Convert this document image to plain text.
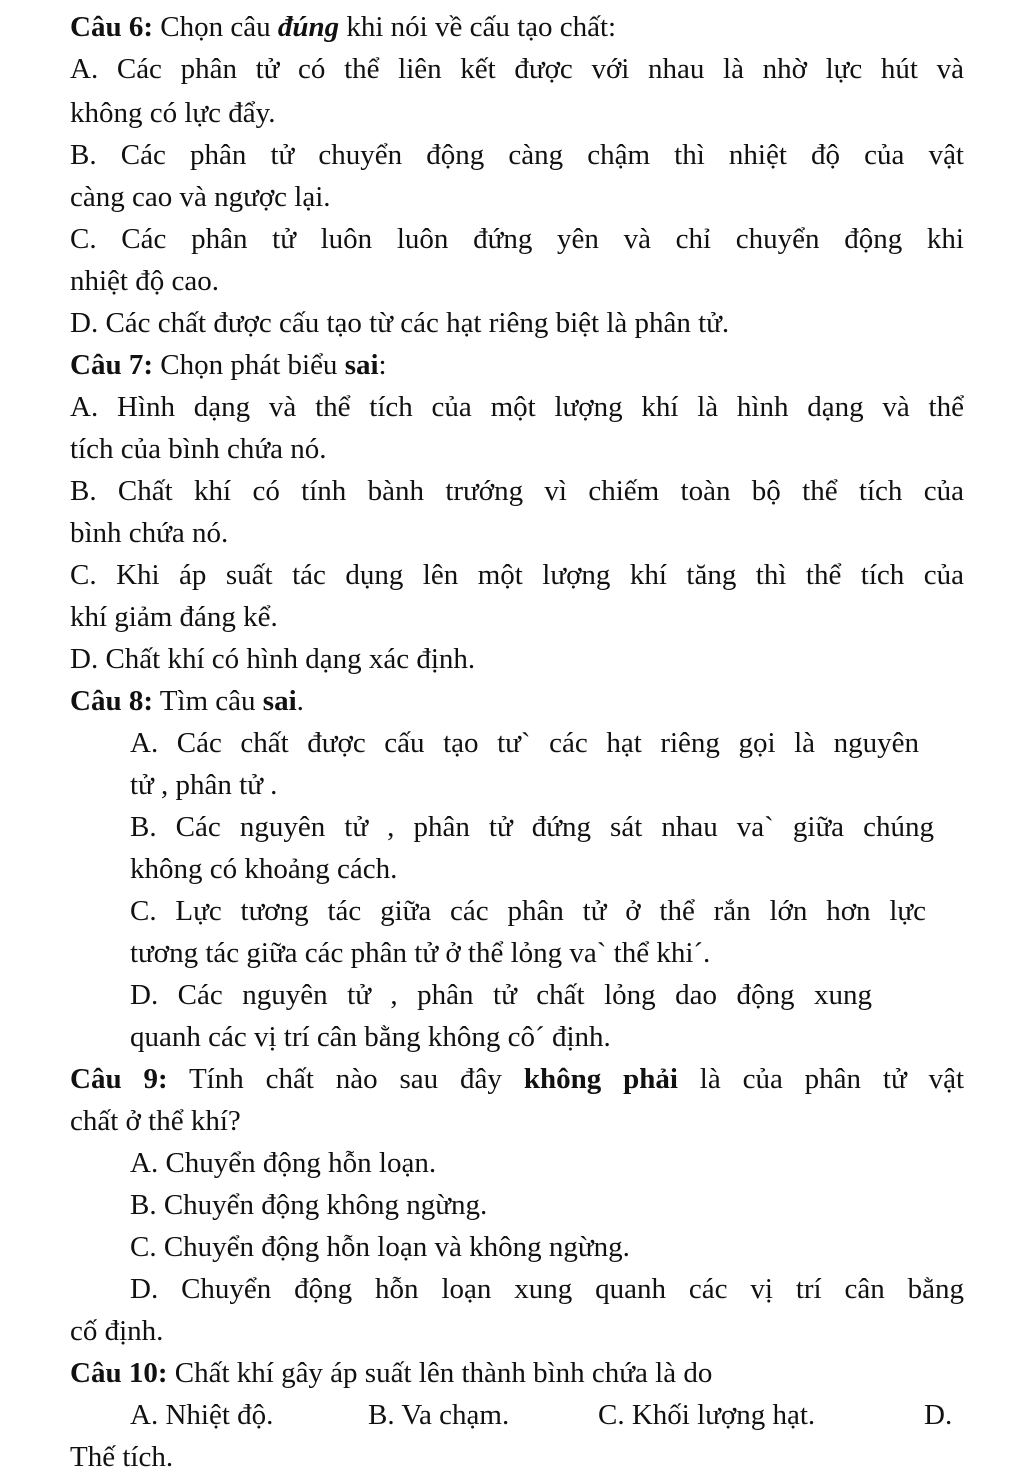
Câu 6: Chọn câu đúng khi nói về cấu tạo chất:
A. Các phân tử có thể liên kết được với nhau là nhờ lực hút và
không có lực đẩy.
B. Các phân tử chuyển động càng chậm thì nhiệt độ của vật
càng cao và ngược lại.
C. Các phân tử luôn luôn đứng yên và chỉ chuyển động khi
nhiệt độ cao.
D. Các chất được cấu tạo từ các hạt riêng biệt là phân tử.
Câu 7: Chọn phát biểu sai:
A. Hình dạng và thể tích của một lượng khí là hình dạng và thể
tích của bình chứa nó.
B. Chất khí có tính bành trướng vì chiếm toàn bộ thể tích của
bình chứa nó.
C. Khi áp suất tác dụng lên một lượng khí tăng thì thể tích của
khí giảm đáng kể.
D. Chất khí có hình dạng xác định.
Câu 8: Tìm câu sai.
A. Các chất được cấu tạo tư` các hạt riêng gọi là nguyên
tử , phân tử .
B. Các nguyên tử , phân tử đứng sát nhau va` giữa chúng
không có khoảng cách.
C. Lực tương tác giữa các phân tử ở thể rắn lớn hơn lực
tương tác giữa các phân tử ở thể lỏng va` thể khi´.
D. Các nguyên tử , phân tử chất lỏng dao động xung
quanh các vị trí cân bằng không cô´ định.
Câu 9: Tính chất nào sau đây không phải là của phân tử vật
chất ở thể khí?
A. Chuyển động hỗn loạn.
B. Chuyển động không ngừng.
C. Chuyển động hỗn loạn và không ngừng.
D. Chuyển động hỗn loạn xung quanh các vị trí cân bằng
cố định.
Câu 10: Chất khí gây áp suất lên thành bình chứa là do
A. Nhiệt độ.	B. Va chạm.	C. Khối lượng hạt.	D.
Thế tích.
